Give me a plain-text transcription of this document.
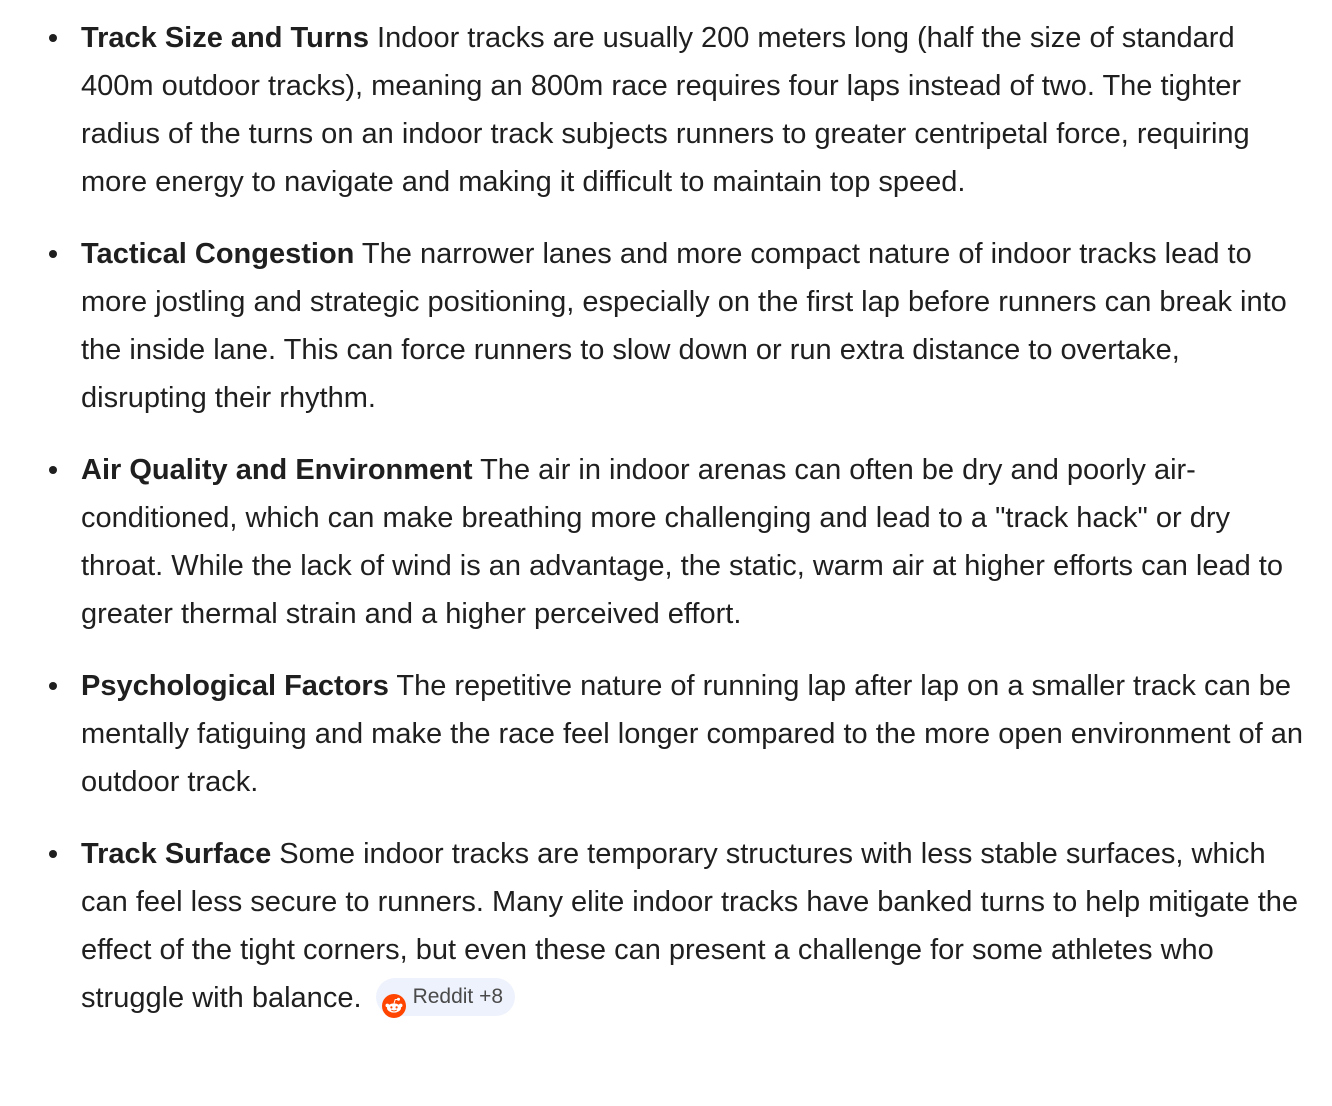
Track Size and Turns Indoor tracks are usually 200 meters long (half the size of standard 400m outdoor tracks), meaning an 800m race requires four laps instead of two. The tighter radius of the turns on an indoor track subjects runners to greater centripetal force, requiring more energy to navigate and making it difficult to maintain top speed.
Tactical Congestion The narrower lanes and more compact nature of indoor tracks lead to more jostling and strategic positioning, especially on the first lap before runners can break into the inside lane. This can force runners to slow down or run extra distance to overtake, disrupting their rhythm.
Air Quality and Environment The air in indoor arenas can often be dry and poorly air-conditioned, which can make breathing more challenging and lead to a "track hack" or dry throat. While the lack of wind is an advantage, the static, warm air at higher efforts can lead to greater thermal strain and a higher perceived effort.
Psychological Factors The repetitive nature of running lap after lap on a smaller track can be mentally fatiguing and make the race feel longer compared to the more open environment of an outdoor track.
Track Surface Some indoor tracks are temporary structures with less stable surfaces, which can feel less secure to runners. Many elite indoor tracks have banked turns to help mitigate the effect of the tight corners, but even these can present a challenge for some athletes who struggle with balance. Reddit +8
